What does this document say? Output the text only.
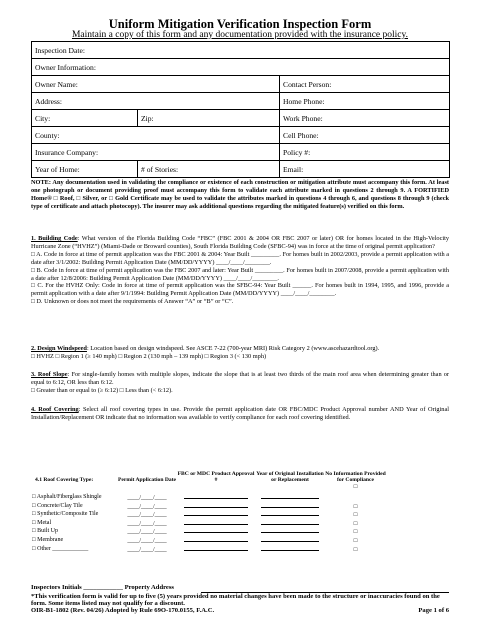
Uniform Mitigation Verification Inspection Form
Maintain a copy of this form and any documentation provided with the insurance policy.
Inspection Date:		
Owner Information:		
Owner Name:		Contact Person:
Address:		Home Phone:
City:	Zip:	Work Phone:
County:		Cell Phone:
Insurance Company:		Policy #:
Year of Home:	# of Stories:	Email:
NOTE: Any documentation used in validating the compliance or existence of each construction or mitigation attribute must accompany this form. At least one photograph or document providing proof must accompany this form to validate each attribute marked in questions 2 through 9. A FORTIFIED Home® □ Roof, □ Silver, or □ Gold Certificate may be used to validate the attributes marked in questions 4 through 6, and questions 8 through 9 (check type of certificate and attach photocopy). The insurer may ask additional questions regarding the mitigated feature(s) verified on this form.
1. Building Code: What version of the Florida Building Code “FBC” (FBC 2001 & 2004 OR FBC 2007 or later) OR for homes located in the High-Velocity Hurricane Zone (“HVHZ”) (Miami-Dade or Broward counties), South Florida Building Code (SFBC-94) was in force at the time of original permit application?
□ A. Code in force at time of permit application was the FBC 2001 & 2004: Year Built _________. For homes built in 2002/2003, provide a permit application with a date after 3/1/2002: Building Permit Application Date (MM/DD/YYYY) ____/____/________.
□ B. Code in force at time of permit application was the FBC 2007 and later: Year Built _________. For homes built in 2007/2008, provide a permit application with a date after 12/8/2006: Building Permit Application Date (MM/DD/YYYY) ____/____/________.
□ C. For the HVHZ Only: Code in force at time of permit application was the SFBC-94: Year Built ______. For homes built in 1994, 1995, and 1996, provide a permit application with a date after 9/1/1994: Building Permit Application Date (MM/DD/YYYY) ____/____/________.
□ D. Unknown or does not meet the requirements of Answer “A” or “B” or “C”.
2. Design Windspeed: Location based on design windspeed. See ASCE 7-22 (700-year MRI) Risk Category 2 (www.ascehazardtool.org).
□ HVHZ □ Region 1 (≥ 140 mph) □ Region 2 (130 mph – 139 mph) □ Region 3 (< 130 mph)
3. Roof Slope: For single-family homes with multiple slopes, indicate the slope that is at least two thirds of the main roof area when determining greater than or equal to 6:12, OR less than 6:12.
□ Greater than or equal to (≥ 6:12) □ Less than (< 6:12).
4. Roof Covering: Select all roof covering types in use. Provide the permit application date OR FBC/MDC Product Approval number AND Year of Original Installation/Replacement OR indicate that no information was available to verify compliance for each roof covering identified.
4.1 Roof Covering Type:	Permit Application Date	FBC or MDC Product Approval #	Year of Original Installation or Replacement	No Information Provided for Compliance
□ Asphalt/Fiberglass Shingle	____/____/____			□
□ Concrete/Clay Tile	____/____/____			□
□ Synthetic/Composite Tile	____/____/____			□
□ Metal	____/____/____			□
□ Built Up	____/____/____			□
□ Membrane	____/____/____			□
□ Other ____________	____/____/____			□
Inspectors Initials ____________ Property Address
*This verification form is valid for up to five (5) years provided no material changes have been made to the structure or inaccuracies found on the form. Some items listed may not qualify for a discount.
OIR-B1-1802 (Rev. 04/26) Adopted by Rule 69O-170.0155, F.A.C.	Page 1 of 6
